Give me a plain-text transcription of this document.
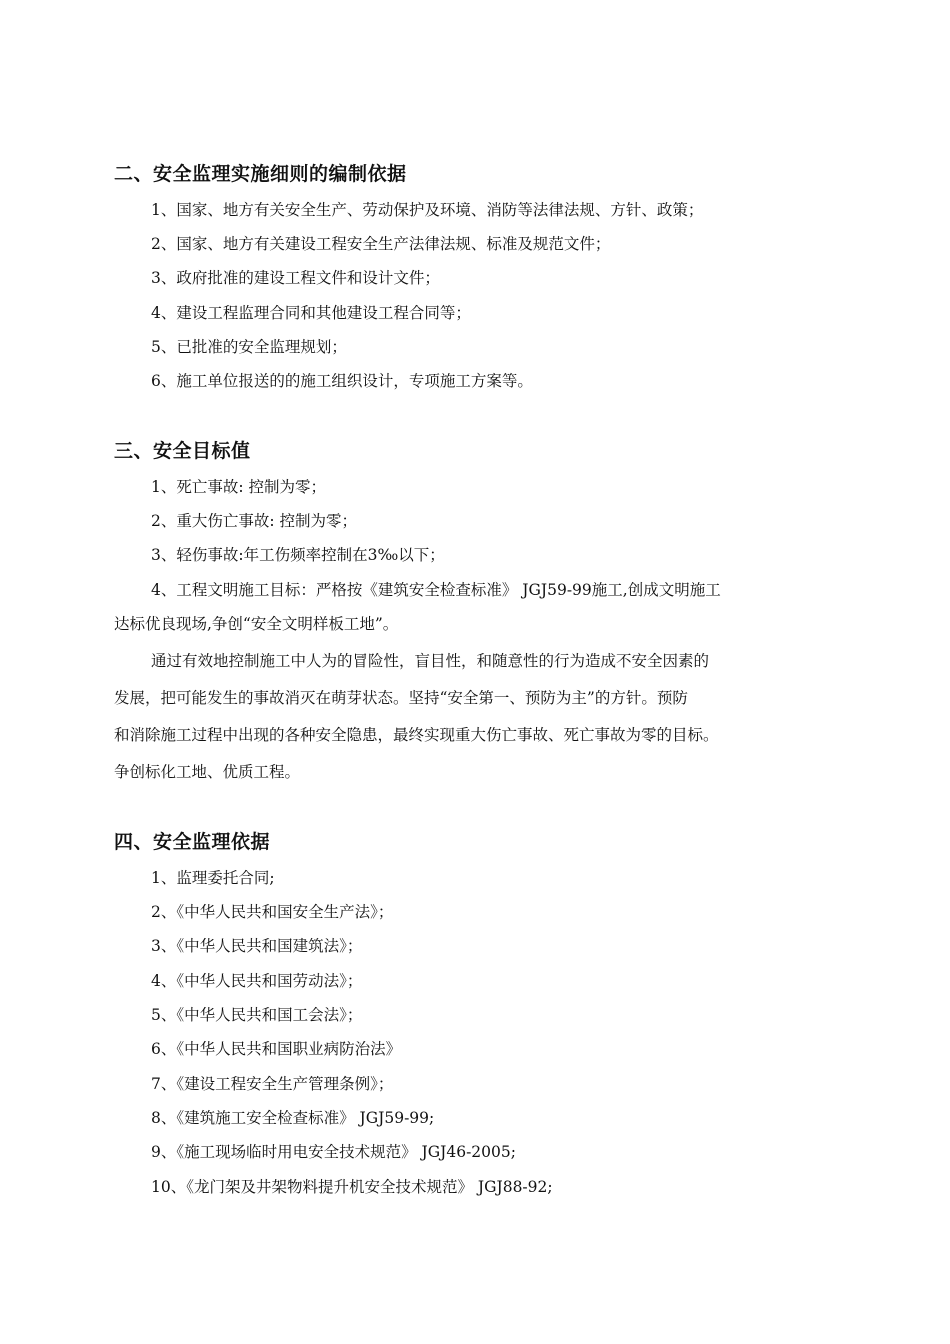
二、安全监理实施细则的编制依据
1、国家、地方有关安全生产、劳动保护及环境、消防等法律法规、方针、政策；
2、国家、地方有关建设工程安全生产法律法规、标准及规范文件；
3、政府批准的建设工程文件和设计文件；
4、建设工程监理合同和其他建设工程合同等；
5、已批准的安全监理规划；
6、施工单位报送的的施工组织设计，专项施工方案等。
三、安全目标值
1、死亡事故: 控制为零；
2、重大伤亡事故: 控制为零；
3、轻伤事故:年工伤频率控制在3‰以下；
4、工程文明施工目标：严格按《建筑安全检查标准》 JGJ59-99施工,创成文明施工
达标优良现场,争创“安全文明样板工地”。
通过有效地控制施工中人为的冒险性，盲目性，和随意性的行为造成不安全因素的
发展，把可能发生的事故消灭在萌芽状态。坚持“安全第一、预防为主”的方针。预防
和消除施工过程中出现的各种安全隐患，最终实现重大伤亡事故、死亡事故为零的目标。
争创标化工地、优质工程。
四、安全监理依据
1、监理委托合同;
2、《中华人民共和国安全生产法》；
3、《中华人民共和国建筑法》；
4、《中华人民共和国劳动法》；
5、《中华人民共和国工会法》；
6、《中华人民共和国职业病防治法》
7、《建设工程安全生产管理条例》；
8、《建筑施工安全检查标准》 JGJ59-99;
9、《施工现场临时用电安全技术规范》 JGJ46-2005;
10、《龙门架及井架物料提升机安全技术规范》 JGJ88-92;
